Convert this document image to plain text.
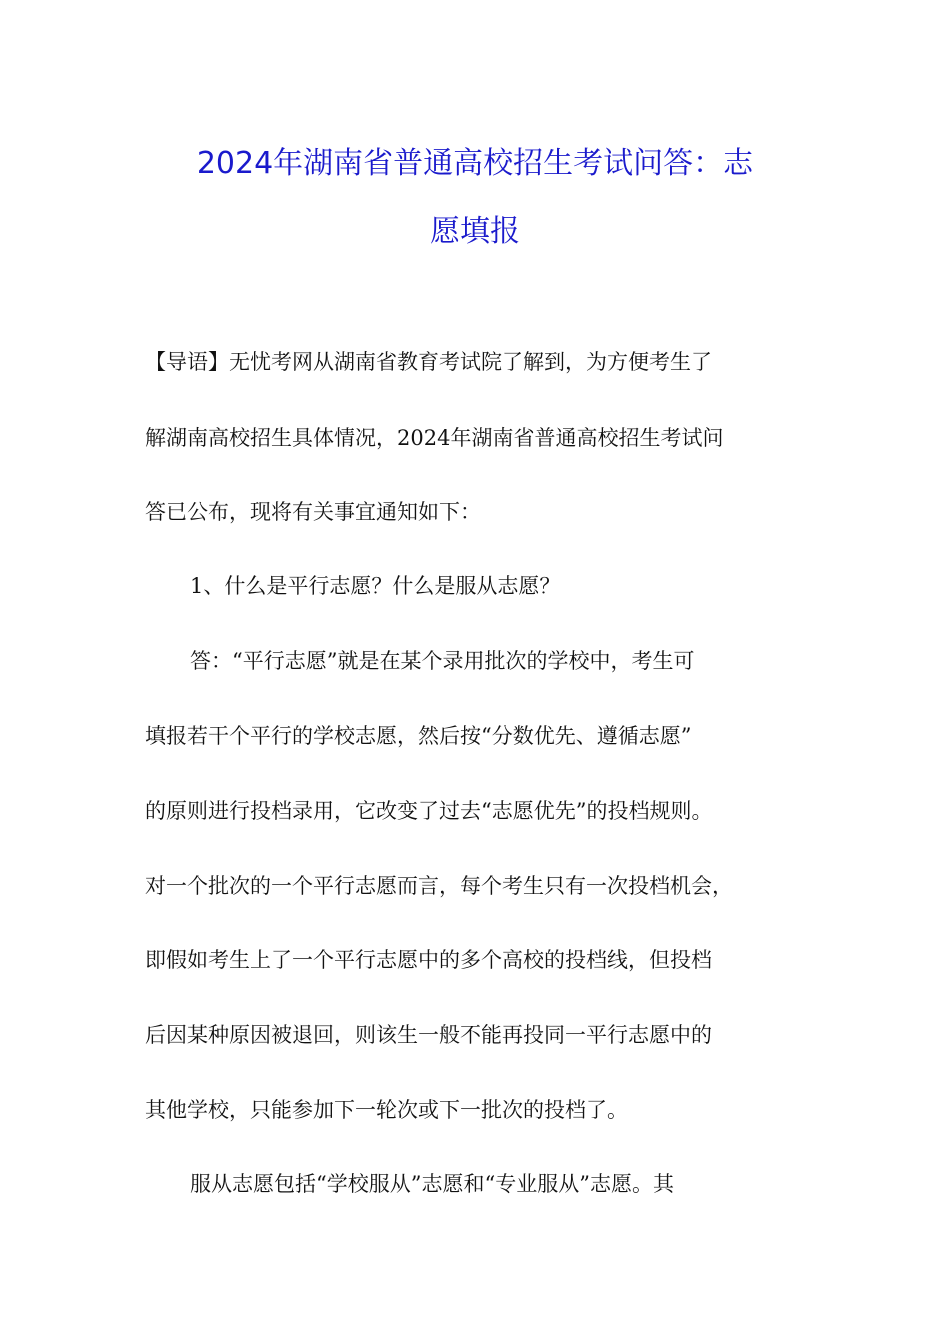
2024年湖南省普通高校招生考试问答：志
愿填报

【导语】无忧考网从湖南省教育考试院了解到，为方便考生了

解湖南高校招生具体情况，2024年湖南省普通高校招生考试问

答已公布，现将有关事宜通知如下：

1、什么是平行志愿？什么是服从志愿？

答：“平行志愿”就是在某个录用批次的学校中，考生可

填报若干个平行的学校志愿，然后按“分数优先、遵循志愿”

的原则进行投档录用，它改变了过去“志愿优先”的投档规则。

对一个批次的一个平行志愿而言，每个考生只有一次投档机会，

即假如考生上了一个平行志愿中的多个高校的投档线，但投档

后因某种原因被退回，则该生一般不能再投同一平行志愿中的

其他学校，只能参加下一轮次或下一批次的投档了。

服从志愿包括“学校服从”志愿和“专业服从”志愿。其
